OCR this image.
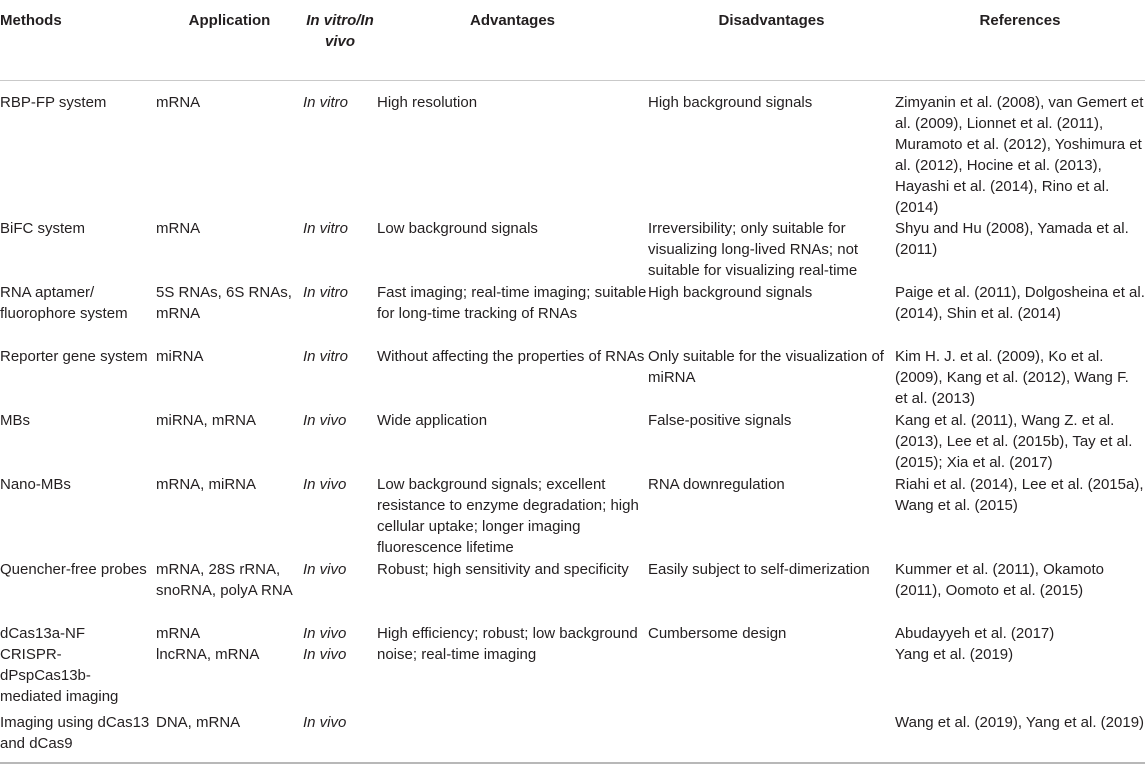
Methods	Application	In vitro/In vivo	Advantages	Disadvantages	References
RBP-FP system	mRNA	In vitro	High resolution	High background signals	Zimyanin et al. (2008), van Gemert et al. (2009), Lionnet et al. (2011), Muramoto et al. (2012), Yoshimura et al. (2012), Hocine et al. (2013), Hayashi et al. (2014), Rino et al. (2014)
BiFC system	mRNA	In vitro	Low background signals	Irreversibility; only suitable for visualizing long-lived RNAs; not suitable for visualizing real-time	Shyu and Hu (2008), Yamada et al. (2011)
RNA aptamer/ fluorophore system	5S RNAs, 6S RNAs, mRNA	In vitro	Fast imaging; real-time imaging; suitable for long-time tracking of RNAs	High background signals	Paige et al. (2011), Dolgosheina et al. (2014), Shin et al. (2014)
Reporter gene system	miRNA	In vitro	Without affecting the properties of RNAs	Only suitable for the visualization of miRNA	Kim H. J. et al. (2009), Ko et al. (2009), Kang et al. (2012), Wang F. et al. (2013)
MBs	miRNA, mRNA	In vivo	Wide application	False-positive signals	Kang et al. (2011), Wang Z. et al. (2013), Lee et al. (2015b), Tay et al. (2015); Xia et al. (2017)
Nano-MBs	mRNA, miRNA	In vivo	Low background signals; excellent resistance to enzyme degradation; high cellular uptake; longer imaging fluorescence lifetime	RNA downregulation	Riahi et al. (2014), Lee et al. (2015a), Wang et al. (2015)
Quencher-free probes	mRNA, 28S rRNA, snoRNA, polyA RNA	In vivo	Robust; high sensitivity and specificity	Easily subject to self-dimerization	Kummer et al. (2011), Okamoto (2011), Oomoto et al. (2015)
dCas13a-NF	mRNA	In vivo	High efficiency; robust; low background noise; real-time imaging	Cumbersome design	Abudayyeh et al. (2017)
CRISPR-dPspCas13b-mediated imaging	lncRNA, mRNA	In vivo			Yang et al. (2019)
Imaging using dCas13 and dCas9	DNA, mRNA	In vivo			Wang et al. (2019), Yang et al. (2019)
